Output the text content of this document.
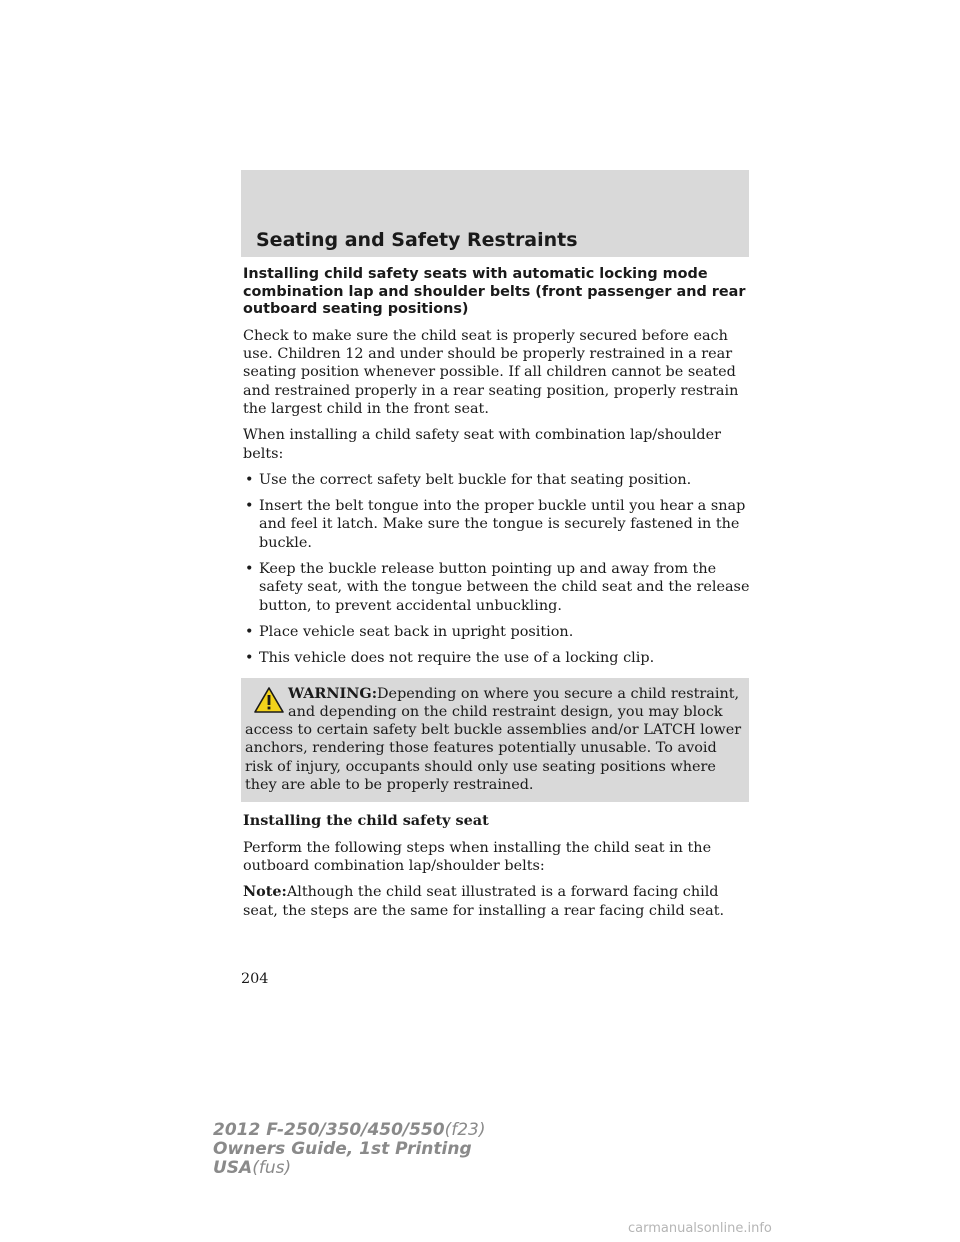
Seating and Safety Restraints

Installing child safety seats with automatic locking mode combination lap and shoulder belts (front passenger and rear outboard seating positions)

Check to make sure the child seat is properly secured before each use. Children 12 and under should be properly restrained in a rear seating position whenever possible. If all children cannot be seated and restrained properly in a rear seating position, properly restrain the largest child in the front seat.

When installing a child safety seat with combination lap/shoulder belts:

• Use the correct safety belt buckle for that seating position.
• Insert the belt tongue into the proper buckle until you hear a snap and feel it latch. Make sure the tongue is securely fastened in the buckle.
• Keep the buckle release button pointing up and away from the safety seat, with the tongue between the child seat and the release button, to prevent accidental unbuckling.
• Place vehicle seat back in upright position.
• This vehicle does not require the use of a locking clip.

WARNING:Depending on where you secure a child restraint, and depending on the child restraint design, you may block

access to certain safety belt buckle assemblies and/or LATCH lower anchors, rendering those features potentially unusable. To avoid risk of injury, occupants should only use seating positions where they are able to be properly restrained.

Installing the child safety seat

Perform the following steps when installing the child seat in the outboard combination lap/shoulder belts:

Note:Although the child seat illustrated is a forward facing child seat, the steps are the same for installing a rear facing child seat.

204
2012 F-250/350/450/550(f23)
Owners Guide, 1st Printing
USA(fus)
carmanualsonline.info
